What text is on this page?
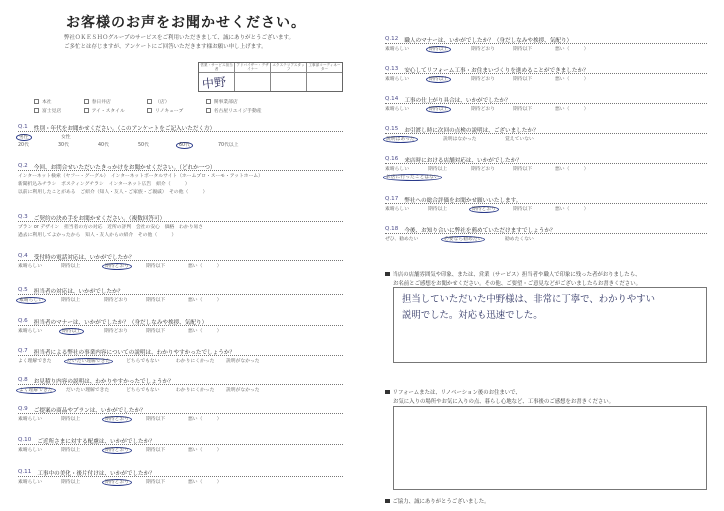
お客様のお声をお聞かせください。
弊社ＯＫＥＳＨＯグループのサービスをご利用いただきまして、誠にありがとうございます。
ご多忙とは存じますが、アンケートにご回答いただきます様お願い申し上げます。
営業・サービス担当者
中野
アドバイザー・デザイナー
エクステリアスタッフ
工事部コーディネーター
本社	春日井店	（店）	関事業部店
富士見店	アイ・スタイル	リノキューブ	名古屋リエイジ手動産
Q.1 性別・年代をお聞かせください。（このアンケートをご記入いただく方）
男性	女性
20代	30代	40代	50代	60代	70代以上
Q.2 今回、お問合せいただいたきっかけをお聞かせください。（どれか一つ）
インターネット検索（ヤフー・グーグル）　インターネットポータルサイト（ホームプロ・スーモ・アットホーム）
新聞折込みチラシ　ポスティングチラシ　インターネット広告　紹介（　　　）
以前に利用したことがある　ご紹介（知人・友人・ご家族・ご親戚）　その他（　　　）
Q.3 ご契約の決め手をお聞かせください。（複数回答可）
プラン or デザイン　担当者の方の対応　近所の評判　会社の安心　価格　わかり易さ
過去に利用してよかったから　知人・友人からの紹介　その他（　　　）
Q.4 受付時の電話対応は、いかがでしたか？
素晴らしい	期待以上	期待どおり	期待以下	悪い（　　　）
Q.5 担当者の対応は、いかがでしたか？
素晴らしい	期待以上	期待どおり	期待以下	悪い（　　　）
Q.6 担当者のマナーは、いかがでしたか？（身だしなみや挨拶、気配り）
素晴らしい	期待以上	期待どおり	期待以下	悪い（　　　）
Q.7 担当者による弊社の事業内容についての説明は、わかりやすかったでしょうか？
よく理解できた	だいたい理解できた	どちらでもない	わかりにくかった 説明がなかった
Q.8 お見積り内容の説明は、わかりやすかったでしょうか？
よく理解できた	だいたい理解できた	どちらでもない	わかりにくかった 説明がなかった
Q.9 ご提案の商品やプランは、いかがでしたか？
素晴らしい	期待以上	期待どおり	期待以下	悪い（　　　）
Q.10 ご近所さまに対する配慮は、いかがでしたか？
素晴らしい	期待以上	期待どおり	期待以下	悪い（　　　）
Q.11 工事中の美化・後片付けは、いかがでしたか？
素晴らしい	期待以上	期待どおり	期待以下	悪い（　　　）
Q.12 職人のマナーは、いかがでしたか？（身だしなみや挨拶、気配り）
素晴らしい	期待以上	期待どおり	期待以下	悪い（　　　）
Q.13 安心してリフォーム工事・お住まいづくりを進めることができましたか？
素晴らしい	期待以上	期待どおり	期待以下	悪い（　　　）
Q.14 工事の仕上がり具合は、いかがでしたか？
素晴らしい	期待以上	期待どおり	期待以下	悪い（　　　）
Q.15 お引渡し時に次回の点検の説明は、ございましたか？
説明はあった	説明はなかった	覚えていない
Q.16 来店時における店舗対応は、いかがでしたか？
素晴らしい	期待以上	期待どおり	期待以下	悪い（　　　）
お店に行ったことはない
Q.17 弊社への総合評価をお聞かせ願いいたします。
素晴らしい	期待以上	期待どおり	期待以下	悪い（　　　）
Q.18 今後、お知り合いに弊社を薦めていただけますでしょうか？
ぜひ、勧めたい	必要なら勧めたい	勧めたくない
当店の店舗雰囲気や印象、または、営業（サービス）担当者や職人で印象に残った者がおりましたら、
お名前とご感想をお聞かせください。その他、ご要望・ご意見などがございましたらお書きください。
担当していただいた中野様は、非常に丁寧で、わかりやすい
説明でした。対応も迅速でした。
リフォームまたは、リノベーション後のお住まいで、
お気に入りの場所やお気に入りの点、暮らし心地など、工事後のご感想をお書きください。
ご協力、誠にありがとうございました。
